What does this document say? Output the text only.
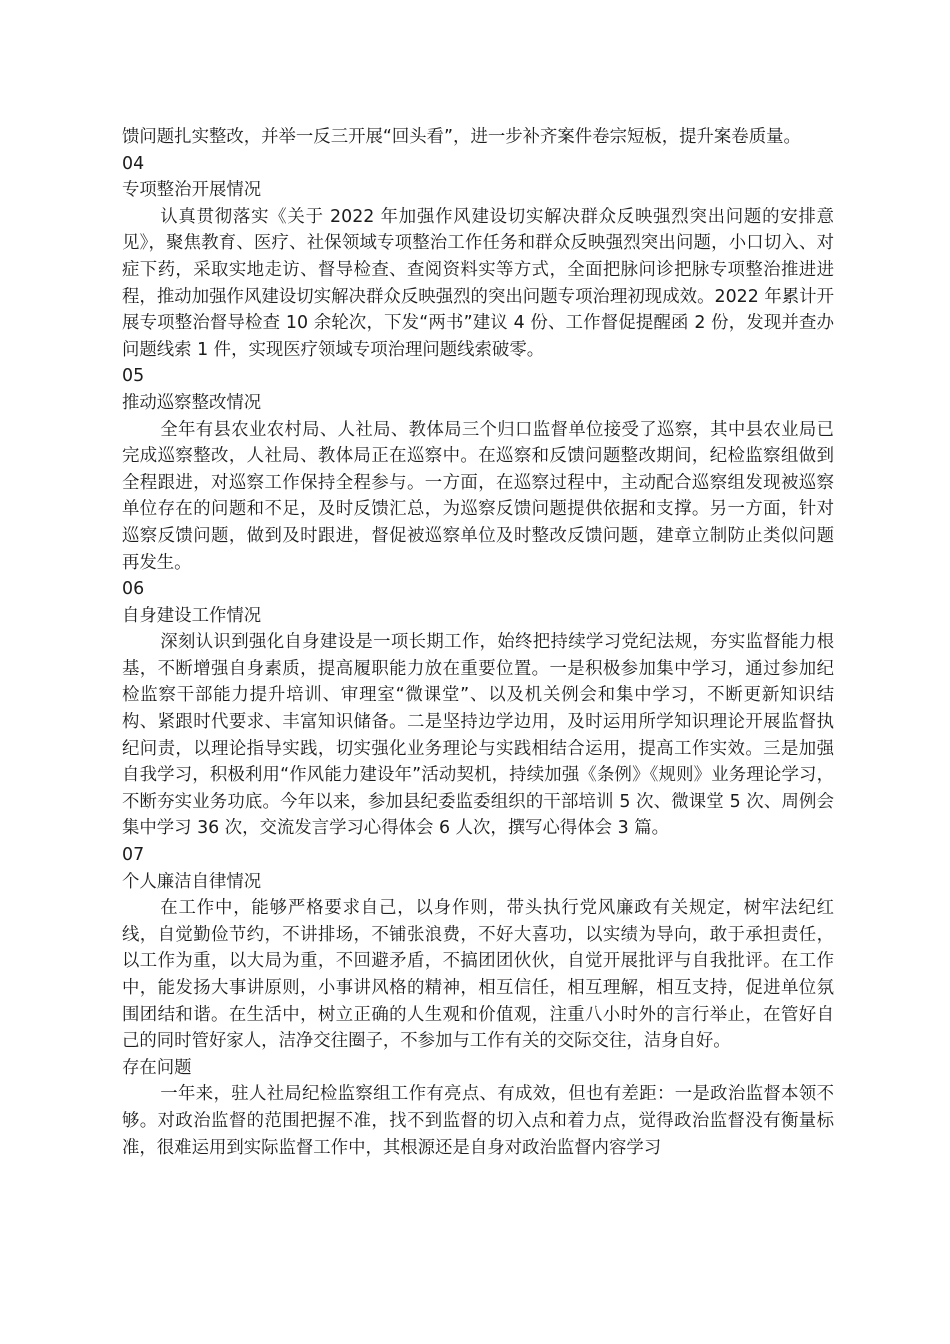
馈问题扎实整改，并举一反三开展“回头看”，进一步补齐案件卷宗短板，提升案卷质量。

04

专项整治开展情况

认真贯彻落实《关于 2022 年加强作风建设切实解决群众反映强烈突出问题的安排意见》，聚焦教育、医疗、社保领域专项整治工作任务和群众反映强烈突出问题，小口切入、对症下药，采取实地走访、督导检查、查阅资料实等方式，全面把脉问诊把脉专项整治推进进程，推动加强作风建设切实解决群众反映强烈的突出问题专项治理初现成效。2022 年累计开展专项整治督导检查 10 余轮次，下发“两书”建议 4 份、工作督促提醒函 2 份，发现并查办问题线索 1 件，实现医疗领域专项治理问题线索破零。

05

推动巡察整改情况

全年有县农业农村局、人社局、教体局三个归口监督单位接受了巡察，其中县农业局已完成巡察整改，人社局、教体局正在巡察中。在巡察和反馈问题整改期间，纪检监察组做到全程跟进，对巡察工作保持全程参与。一方面，在巡察过程中，主动配合巡察组发现被巡察单位存在的问题和不足，及时反馈汇总，为巡察反馈问题提供依据和支撑。另一方面，针对巡察反馈问题，做到及时跟进，督促被巡察单位及时整改反馈问题，建章立制防止类似问题再发生。

06

自身建设工作情况

深刻认识到强化自身建设是一项长期工作，始终把持续学习党纪法规，夯实监督能力根基，不断增强自身素质，提高履职能力放在重要位置。一是积极参加集中学习，通过参加纪检监察干部能力提升培训、审理室“微课堂”、以及机关例会和集中学习，不断更新知识结构、紧跟时代要求、丰富知识储备。二是坚持边学边用，及时运用所学知识理论开展监督执纪问责，以理论指导实践，切实强化业务理论与实践相结合运用，提高工作实效。三是加强自我学习，积极利用“作风能力建设年”活动契机，持续加强《条例》《规则》业务理论学习，不断夯实业务功底。今年以来，参加县纪委监委组织的干部培训 5 次、微课堂 5 次、周例会集中学习 36 次，交流发言学习心得体会 6 人次，撰写心得体会 3 篇。

07

个人廉洁自律情况

在工作中，能够严格要求自己，以身作则，带头执行党风廉政有关规定，树牢法纪红线，自觉勤俭节约，不讲排场，不铺张浪费，不好大喜功，以实绩为导向，敢于承担责任，以工作为重，以大局为重，不回避矛盾，不搞团团伙伙，自觉开展批评与自我批评。在工作中，能发扬大事讲原则，小事讲风格的精神，相互信任，相互理解，相互支持，促进单位氛围团结和谐。在生活中，树立正确的人生观和价值观，注重八小时外的言行举止，在管好自己的同时管好家人，洁净交往圈子，不参加与工作有关的交际交往，洁身自好。

存在问题

一年来，驻人社局纪检监察组工作有亮点、有成效，但也有差距：一是政治监督本领不够。对政治监督的范围把握不准，找不到监督的切入点和着力点，觉得政治监督没有衡量标准，很难运用到实际监督工作中，其根源还是自身对政治监督内容学习
